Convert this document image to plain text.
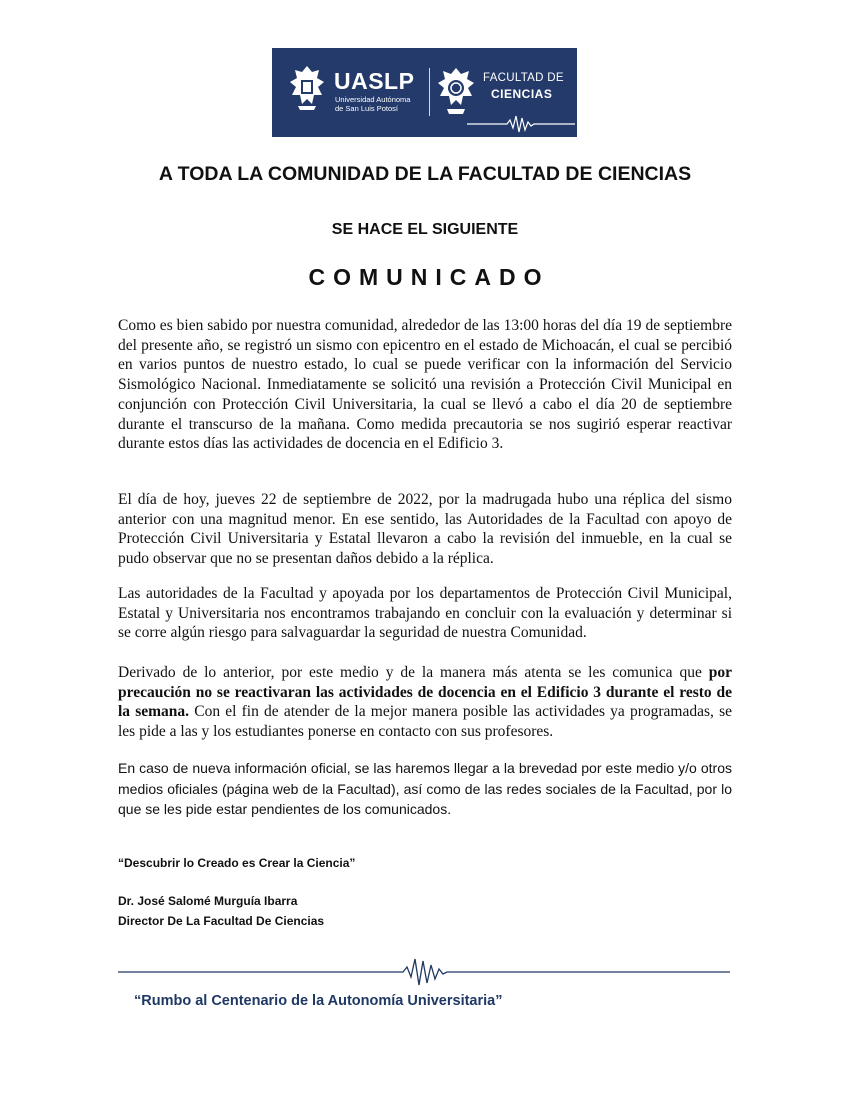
UASLP
Universidad Autónoma
de San Luis Potosí
FACULTAD DE
CIENCIAS
A TODA LA COMUNIDAD DE LA FACULTAD DE CIENCIAS
SE HACE EL SIGUIENTE
COMUNICADO

Como es bien sabido por nuestra comunidad, alrededor de las 13:00 horas del día 19 de septiembre del presente año, se registró un sismo con epicentro en el estado de Michoacán, el cual se percibió en varios puntos de nuestro estado, lo cual se puede verificar con la información del Servicio Sismológico Nacional. Inmediatamente se solicitó una revisión a Protección Civil Municipal en conjunción con Protección Civil Universitaria, la cual se llevó a cabo el día 20 de septiembre durante el transcurso de la mañana. Como medida precautoria se nos sugirió esperar reactivar durante estos días las actividades de docencia en el Edificio 3.

El día de hoy, jueves 22 de septiembre de 2022, por la madrugada hubo una réplica del sismo anterior con una magnitud menor. En ese sentido, las Autoridades de la Facultad con apoyo de Protección Civil Universitaria y Estatal llevaron a cabo la revisión del inmueble, en la cual se pudo observar que no se presentan daños debido a la réplica.

Las autoridades de la Facultad y apoyada por los departamentos de Protección Civil Municipal, Estatal y Universitaria nos encontramos trabajando en concluir con la evaluación y determinar si se corre algún riesgo para salvaguardar la seguridad de nuestra Comunidad.

Derivado de lo anterior, por este medio y de la manera más atenta se les comunica que por precaución no se reactivaran las actividades de docencia en el Edificio 3 durante el resto de la semana. Con el fin de atender de la mejor manera posible las actividades ya programadas, se les pide a las y los estudiantes ponerse en contacto con sus profesores.

En caso de nueva información oficial, se las haremos llegar a la brevedad por este medio y/o otros medios oficiales (página web de la Facultad), así como de las redes sociales de la Facultad, por lo que se les pide estar pendientes de los comunicados.

“Descubrir lo Creado es Crear la Ciencia”
Dr. José Salomé Murguía Ibarra
Director De La Facultad De Ciencias
“Rumbo al Centenario de la Autonomía Universitaria”
